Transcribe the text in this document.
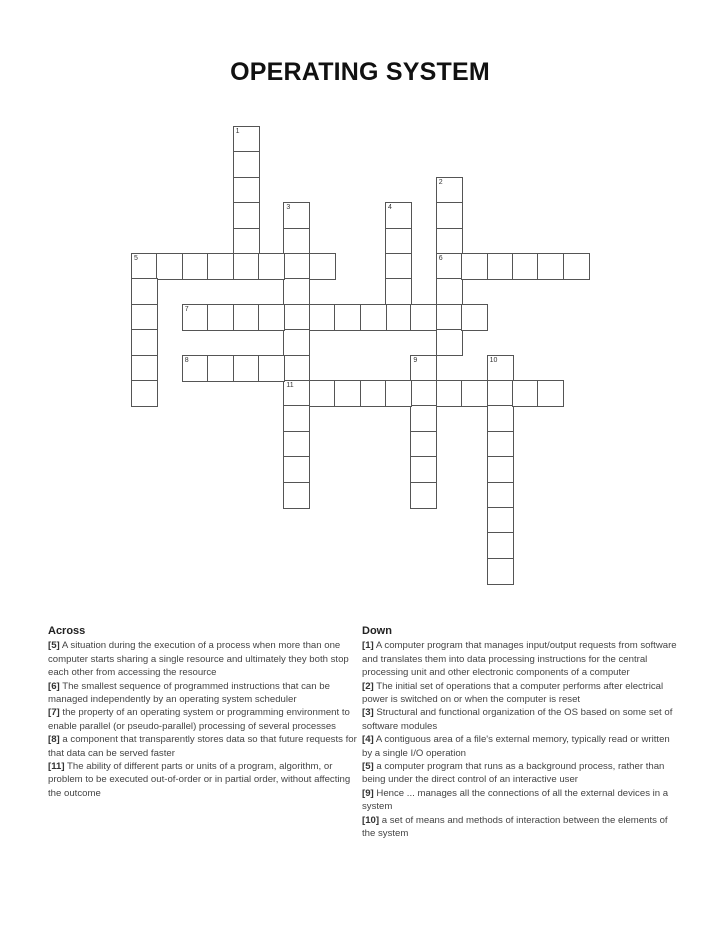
OPERATING SYSTEM
1
2
6
3
11
4
5
7
8	9	10
Across
[5] A situation during the execution of a process when more than one computer starts sharing a single resource and ultimately they both stop each other from accessing the resource
[6] The smallest sequence of programmed instructions that can be managed independently by an operating system scheduler
[7] the property of an operating system or programming environment to enable parallel (or pseudo-parallel) processing of several processes
[8] a component that transparently stores data so that future requests for that data can be served faster
[11] The ability of different parts or units of a program, algorithm, or problem to be executed out-of-order or in partial order, without affecting the outcome
Down
[1] A computer program that manages input/output requests from software and translates them into data processing instructions for the central processing unit and other electronic components of a computer
[2] The initial set of operations that a computer performs after electrical power is switched on or when the computer is reset
[3] Structural and functional organization of the OS based on some set of software modules
[4] A contiguous area of a file's external memory, typically read or written by a single I/O operation
[5] a computer program that runs as a background process, rather than being under the direct control of an interactive user
[9] Hence ... manages all the connections of all the external devices in a system
[10] a set of means and methods of interaction between the elements of the system
